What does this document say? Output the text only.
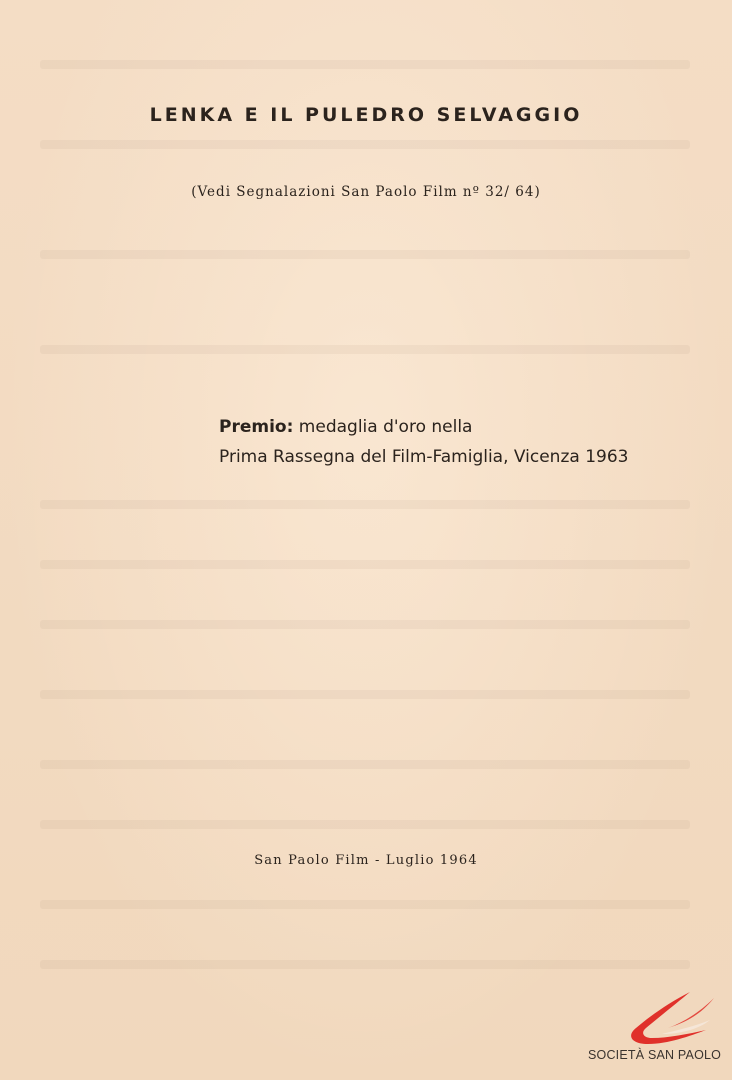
LENKA E IL PULEDRO SELVAGGIO
(Vedi Segnalazioni San Paolo Film nº 32/ 64)
Premio: medaglia d'oro nella
Prima Rassegna del Film-Famiglia, Vicenza 1963
San Paolo Film - Luglio 1964
SOCIETÀ SAN PAOLO
